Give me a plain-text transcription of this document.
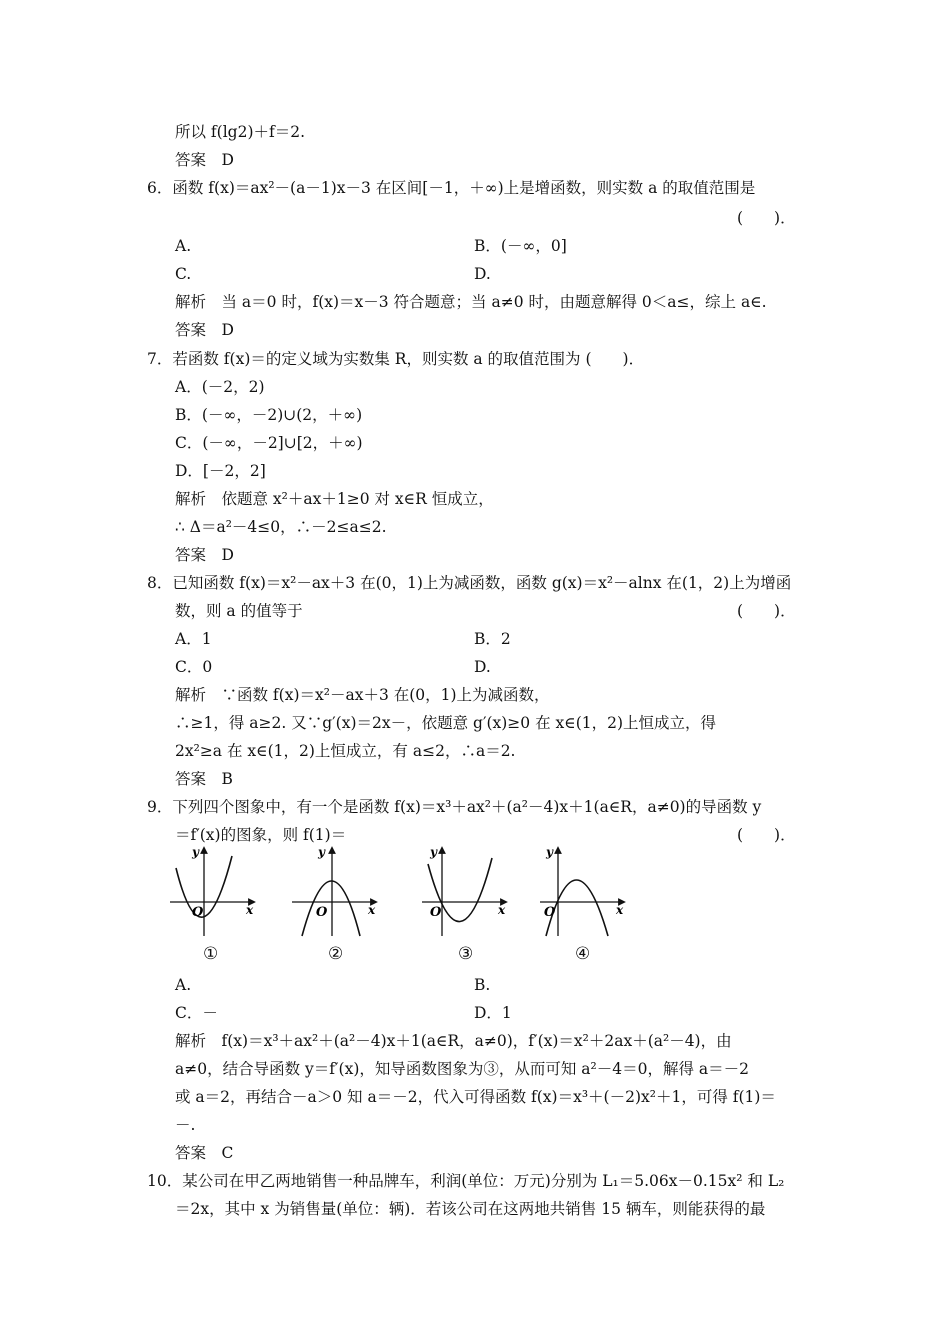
所以 f(lg2)＋f＝2.
答案　D
6．函数 f(x)＝ax²－(a－1)x－3 在区间[－1，＋∞)上是增函数，则实数 a 的取值范围是
(　　)．
A.	B．(－∞，0]
C.	D.
解析　当 a＝0 时，f(x)＝x－3 符合题意；当 a≠0 时，由题意解得 0＜a≤，综上 a∈.
答案　D
7．若函数 f(x)＝的定义域为实数集 R，则实数 a 的取值范围为 (　　)．
A．(－2，2)
B．(－∞，－2)∪(2，＋∞)
C．(－∞，－2]∪[2，＋∞)
D．[－2，2]
解析　依题意 x²＋ax＋1≥0 对 x∈R 恒成立，
∴ Δ＝a²－4≤0，∴－2≤a≤2.
答案　D
8．已知函数 f(x)＝x²－ax＋3 在(0，1)上为减函数，函数 g(x)＝x²－alnx 在(1，2)上为增函
数，则 a 的值等于	(　　)．
A．1	B．2
C．0	D.
解析　∵函数 f(x)＝x²－ax＋3 在(0，1)上为减函数，
∴≥1，得 a≥2. 又∵g′(x)＝2x－，依题意 g′(x)≥0 在 x∈(1，2)上恒成立，得
2x²≥a 在 x∈(1，2)上恒成立，有 a≤2，∴a＝2.
答案　B
9．下列四个图象中，有一个是函数 f(x)＝x³＋ax²＋(a²－4)x＋1(a∈R，a≠0)的导函数 y
＝f′(x)的图象，则 f(1)＝	(　　)．
A.	B.
C．－	D．1
解析　f(x)＝x³＋ax²＋(a²－4)x＋1(a∈R，a≠0)，f′(x)＝x²＋2ax＋(a²－4)，由
a≠0，结合导函数 y＝f′(x)，知导函数图象为③，从而可知 a²－4＝0，解得 a＝－2
或 a＝2，再结合－a＞0 知 a＝－2，代入可得函数 f(x)＝x³＋(－2)x²＋1，可得 f(1)＝
－.
答案　C
10．某公司在甲乙两地销售一种品牌车，利润(单位：万元)分别为 L₁＝5.06x－0.15x² 和 L₂
＝2x，其中 x 为销售量(单位：辆)．若该公司在这两地共销售 15 辆车，则能获得的最
y
x
O
y
x
O
y
x
O
y
x
O
①	②	③	④
